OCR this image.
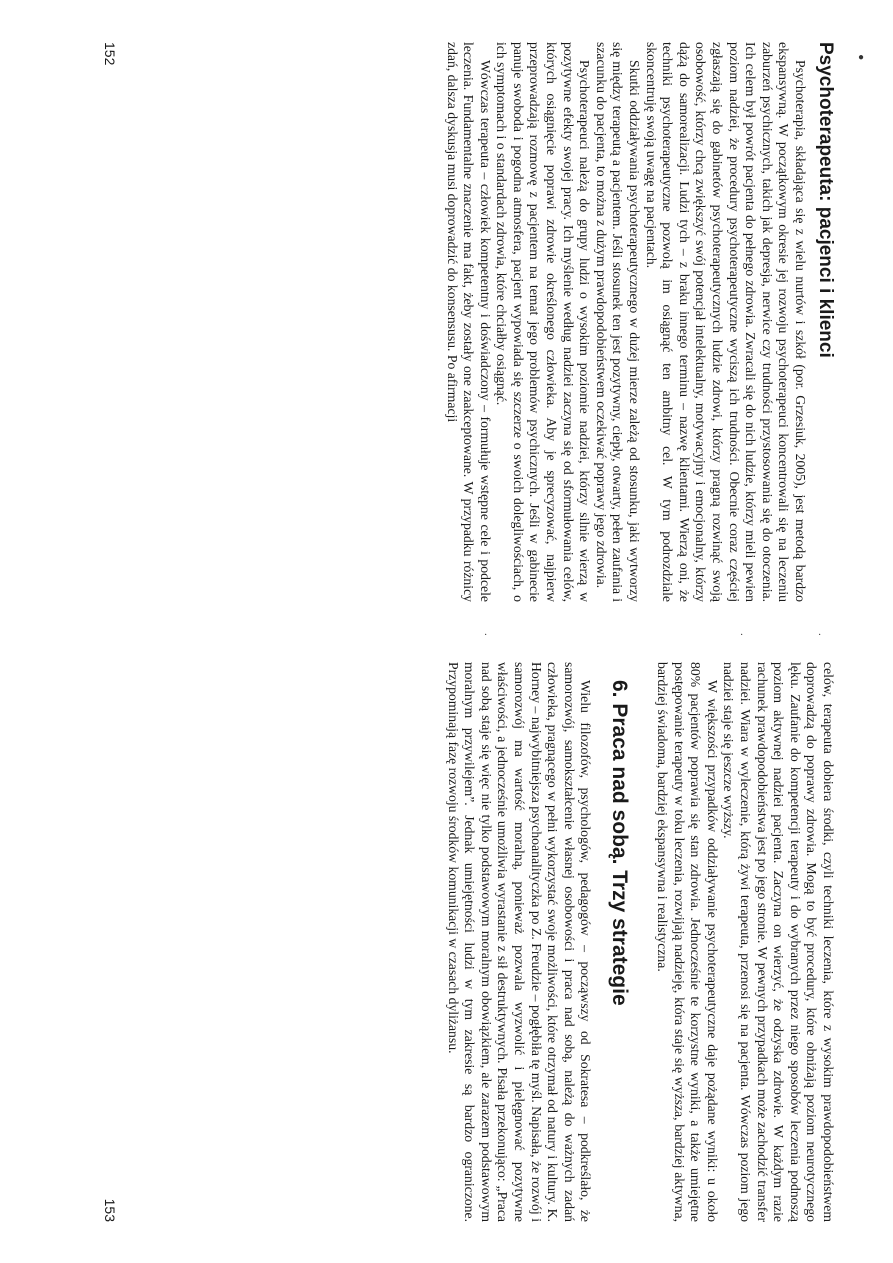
Psychoterapeuta: pacjenci i klienci

Psychoterapia, składająca się z wielu nurtów i szkół (por. Grzesiuk, 2005), jest metodą bardzo ekspansywną. W początkowym okresie jej rozwoju psychoterapeuci koncentrowali się na leczeniu zaburzeń psychicznych, takich jak depresja, nerwice czy trudności przystosowania się do otoczenia. Ich celem był powrót pacjenta do pełnego zdrowia. Zwracali się do nich ludzie, którzy mieli pewien poziom nadziei, że procedury psychoterapeutyczne wyciszą ich trudności. Obecnie coraz częściej zgłaszają się do gabinetów psychoterapeutycznych ludzie zdrowi, którzy pragną rozwinąć swoją osobowość, którzy chcą zwiększyć swój potencjał intelektualny, motywacyjny i emocjonalny, którzy dążą do samorealizacji. Ludzi tych – z braku innego terminu – nazwę klientami. Wierzą oni, że techniki psychoterapeutyczne pozwolą im osiągnąć ten ambitny cel. W tym podrozdziale skoncentruję swoją uwagę na pacjentach.

Skutki oddziaływania psychoterapeutycznego w dużej mierze zależą od stosunku, jaki wytworzy się między terapeutą a pacjentem. Jeśli stosunek ten jest pozytywny, ciepły, otwarty, pełen zaufania i szacunku do pacjenta, to można z dużym prawdopodobieństwem oczekiwać poprawy jego zdrowia.

Psychoterapeuci należą do grupy ludzi o wysokim poziomie nadziei, którzy silnie wierzą w pozytywne efekty swojej pracy. Ich myślenie według nadziei zaczyna się od sformułowania celów, których osiągnięcie poprawi zdrowie określonego człowieka. Aby je sprecyzować, najpierw przeprowadzają rozmowę z pacjentem na temat jego problemów psychicznych. Jeśli w gabinecie panuje swoboda i pogodna atmosfera, pacjent wypowiada się szczerze o swoich dolegliwościach, o ich symptomach i o standardach zdrowia, które chciałby osiągnąć.

Wówczas terapeuta – człowiek kompetentny i doświadczony – formułuje wstępne cele i podcele leczenia. Fundamentalne znaczenie ma fakt, żeby zostały one zaakceptowane. W przypadku różnicy zdań, dalsza dyskusja musi doprowadzić do konsensusu. Po afirmacji

152

celów, terapeuta dobiera środki, czyli techniki leczenia, które z wysokim prawdopodobieństwem doprowadzą do poprawy zdrowia. Mogą to być procedury, które obniżają poziom neurotycznego lęku. Zaufanie do kompetencji terapeuty i do wybranych przez niego sposobów leczenia podnoszą poziom aktywnej nadziei pacjenta. Zaczyna on wierzyć, że odzyska zdrowie. W każdym razie rachunek prawdopodobieństwa jest po jego stronie. W pewnych przypadkach może zachodzić transfer nadziei. Wiara w wyleczenie, którą żywi terapeuta, przenosi się na pacjenta. Wówczas poziom jego nadziei staje się jeszcze wyższy.

W większości przypadków oddziaływanie psychoterapeutyczne daje pożądane wyniki: u około 80% pacjentów poprawia się stan zdrowia. Jednocześnie te korzystne wyniki, a także umiejętne postępowanie terapeuty w toku leczenia, rozwijają nadzieję, która staje się wyższa, bardziej aktywna, bardziej świadoma, bardziej ekspansywna i realistyczna.

6. Praca nad sobą. Trzy strategie

Wielu filozofów, psychologów, pedagogów – począwszy od Sokratesa – podkreślało, że samorozwój, samokształcenie własnej osobowości i praca nad sobą, należą do ważnych zadań człowieka, pragnącego w pełni wykorzystać swoje możliwości, które otrzymał od natury i kultury. K. Horney – najwybitniejsza psychoanalityczka po Z. Freudzie – pogłębiła tę myśl. Napisała, że rozwój i samorozwój ma wartość moralną, ponieważ pozwala wyzwolić i pielęgnować pozytywne właściwości, a jednocześnie umożliwia wyrastanie z sił destruktywnych. Pisała przekonująco: „Praca nad sobą staje się więc nie tylko podstawowym moralnym obowiązkiem, ale zarazem podstawowym moralnym przywilejem”. Jednak umiejętności ludzi w tym zakresie są bardzo ograniczone. Przypominają fazę rozwoju środków komunikacji w czasach dyliżansu.

153
●
·	·
·
